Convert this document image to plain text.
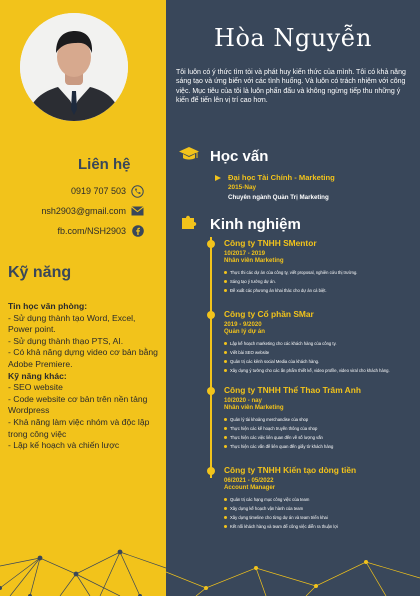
Liên hệ
0919 707 503
nsh2903@gmail.com
fb.com/NSH2903
Kỹ năng
Tin học văn phòng:
- Sử dụng thành tạo Word, Excel, Power point.
- Sử dụng thành thạo PTS, AI.
- Có khả năng dựng video cơ bản bằng Adobe Premiere.
Kỹ năng khác:
- SEO website
- Code website cơ bản trên nền tảng Wordpress
- Khả năng làm việc nhóm và độc lập trong công việc
- Lập kế hoạch và chiến lược
Hòa Nguyễn
Tôi luôn có ý thức tìm tòi và phát huy kiến thức của mình. Tôi có khả năng sáng tạo và ứng biến với các tình huống. Và luôn có trách nhiệm với công việc. Mục tiêu của tôi là luôn phấn đấu và không ngừng tiếp thu những ý kiến để tiến lên vị trí cao hơn.
Học vấn
Đại học Tài Chính - Marketing
2015-Nay
Chuyên ngành Quản Trị Marketing
Kinh nghiệm
Công ty TNHH SMentor
10/2017 - 2019
Nhân viên Marketing
Thực thi các dự án của công ty, viết proposal, nghiên cứu thị trường.
Sáng tạo ý tưởng dự án.
Đề xuất các phương án khai thác cho dự án cá biệt.
Công ty Cổ phần SMar
2019 - 9/2020
Quản lý dự án
Lập kế hoạch marketing cho các khách hàng của công ty.
Viết bài SEO website
Quản trị các kênh social Media của khách hàng.
Xây dựng ý tưởng cho các ấn phẩm thiết kế, video profile, video viral cho khách hàng.
Công ty TNHH Thể Thao Trâm Anh
10/2020 - nay
Nhân viên Marketing
Quản lý tài khoảng merchandise của shop
Thực hiện các kế hoạch truyền thông của shop
Thực hiện các việc liên quan đến về số lượng vấn
Thực hiện các vấn đề liên quan đến giấy tờ khách hàng
Công ty TNHH Kiến tạo dòng tiền
06/2021 - 05/2022
Account Manager
Quản trị các hạng mục công việc của team
Xây dựng kế hoạch vận hành của team
Xây dựng timeline cho từng dự án và team triển khai
Kết nối khách hàng và team để công việc diễn ra thuận lợi
